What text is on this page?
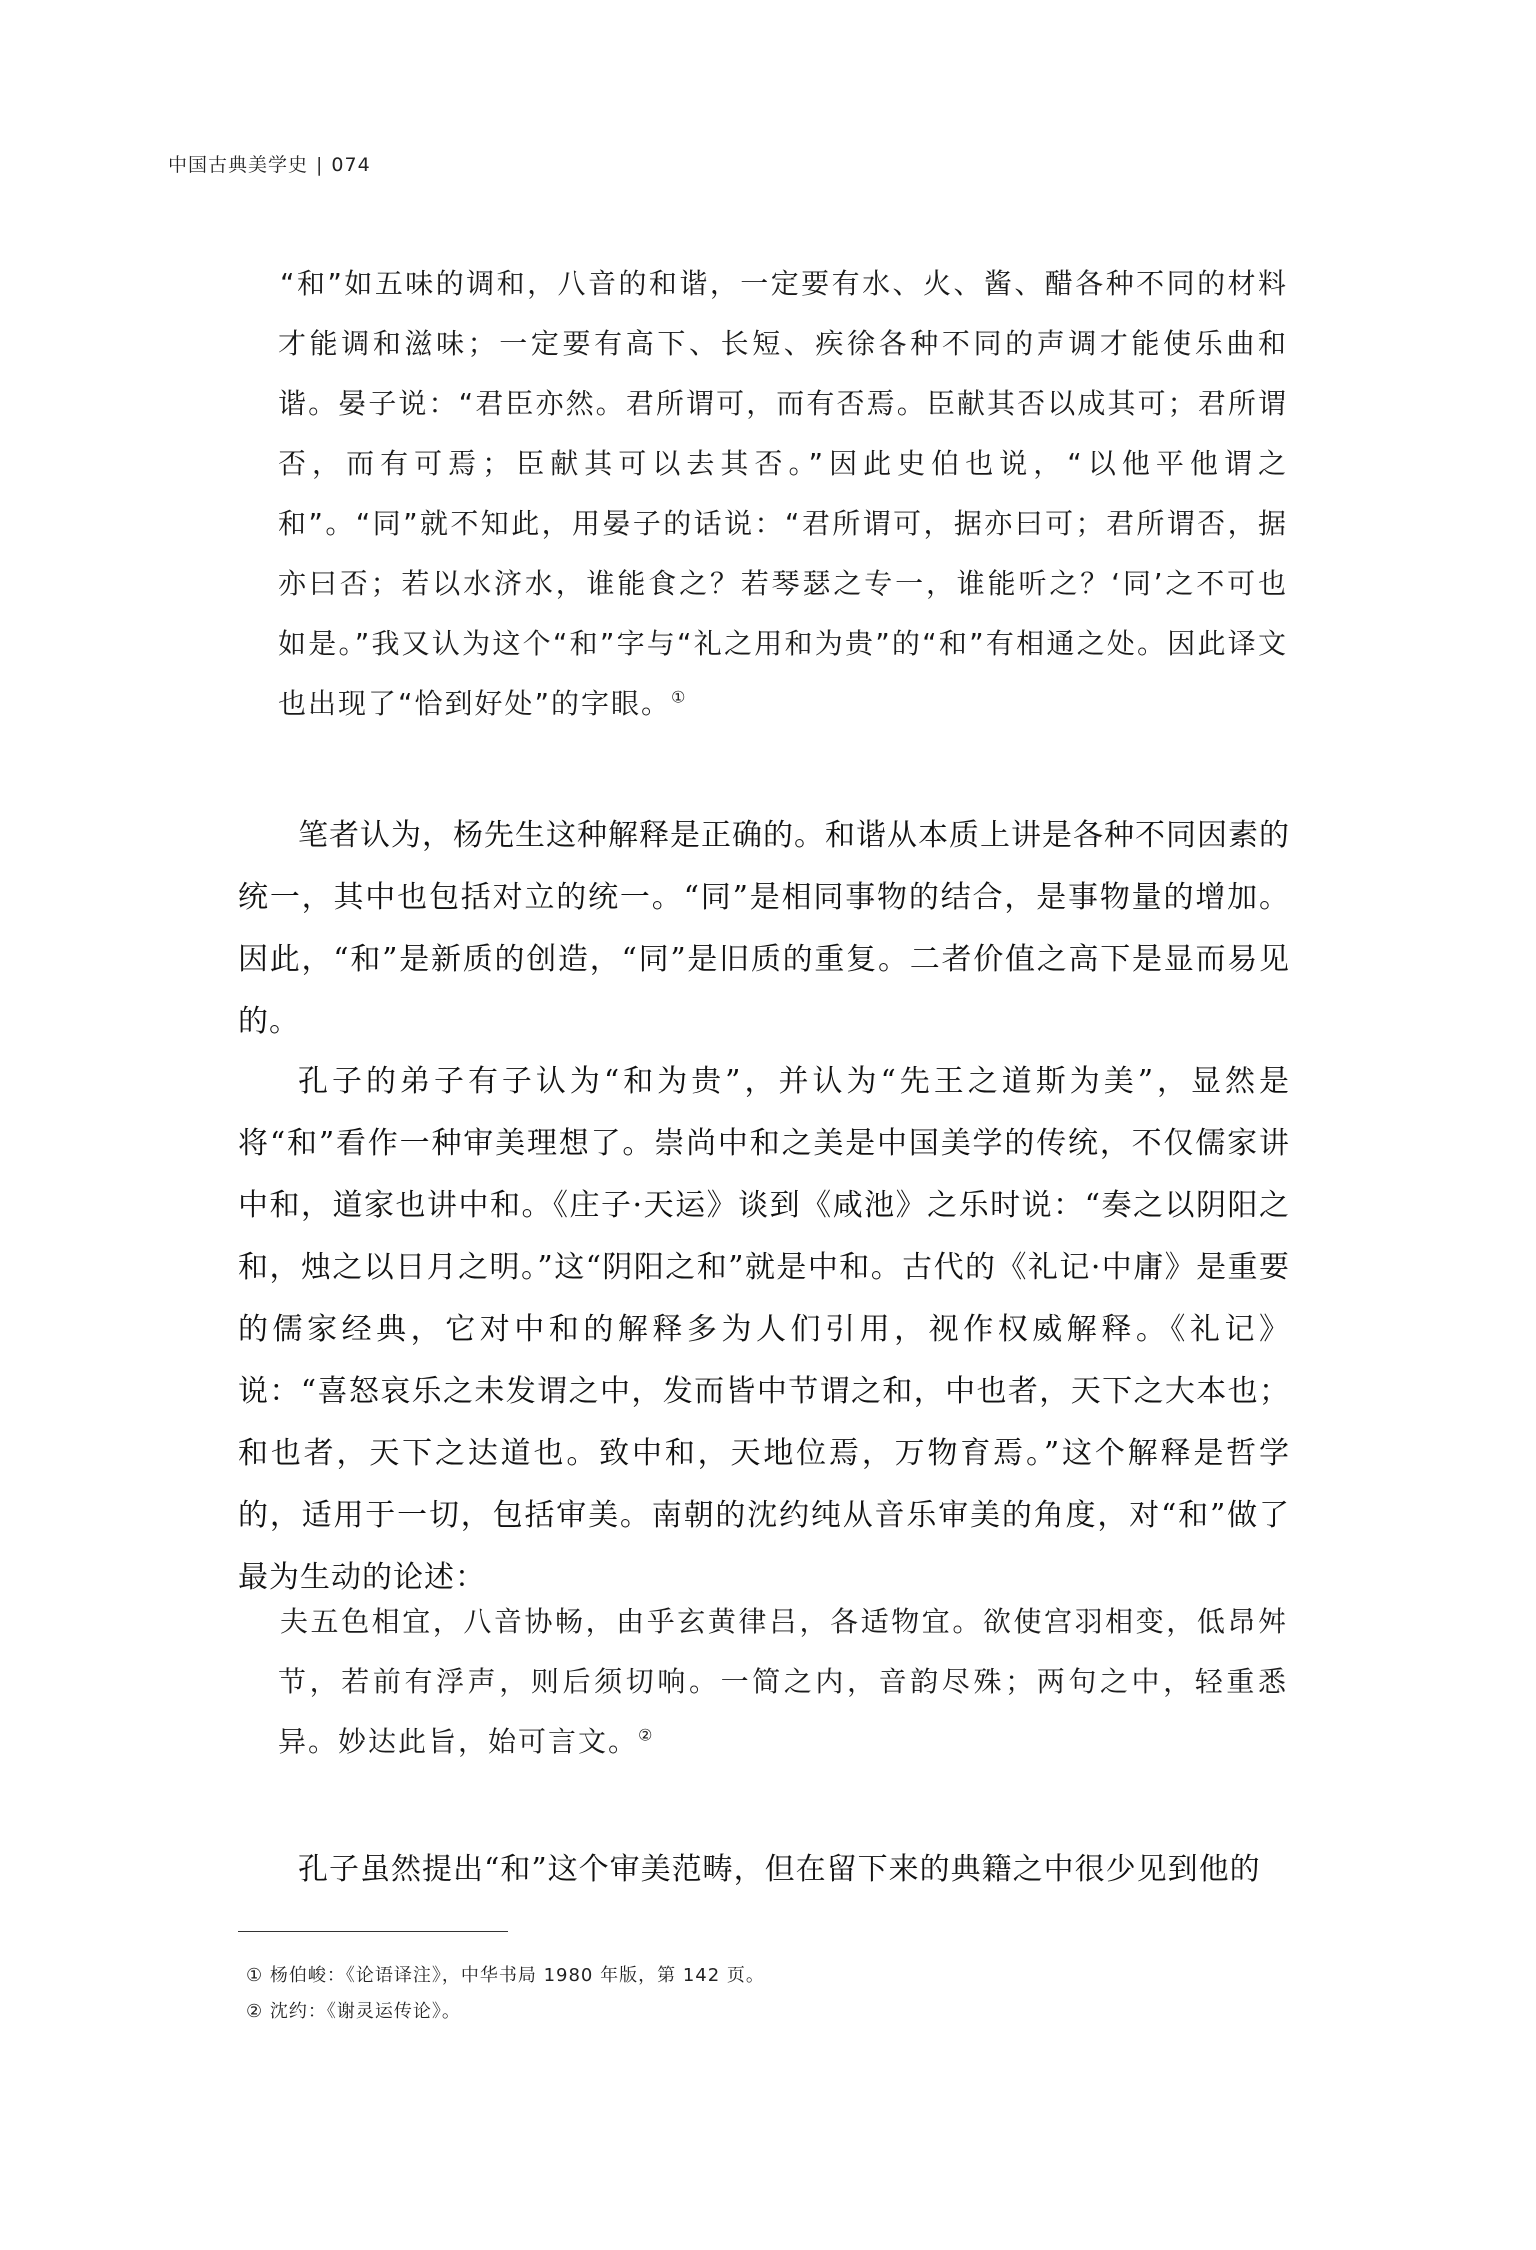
中国古典美学史 | 074

“和”如五味的调和，八音的和谐，一定要有水、火、酱、醋各种不同的材料才能调和滋味；一定要有高下、长短、疾徐各种不同的声调才能使乐曲和谐。晏子说：“君臣亦然。君所谓可，而有否焉。臣献其否以成其可；君所谓否，而有可焉；臣献其可以去其否。”因此史伯也说，“以他平他谓之和”。“同”就不知此，用晏子的话说：“君所谓可，据亦曰可；君所谓否，据亦曰否；若以水济水，谁能食之？若琴瑟之专一，谁能听之？‘同’之不可也如是。”我又认为这个“和”字与“礼之用和为贵”的“和”有相通之处。因此译文也出现了“恰到好处”的字眼。①

笔者认为，杨先生这种解释是正确的。和谐从本质上讲是各种不同因素的统一，其中也包括对立的统一。“同”是相同事物的结合，是事物量的增加。因此，“和”是新质的创造，“同”是旧质的重复。二者价值之高下是显而易见的。

孔子的弟子有子认为“和为贵”，并认为“先王之道斯为美”，显然是将“和”看作一种审美理想了。崇尚中和之美是中国美学的传统，不仅儒家讲中和，道家也讲中和。《庄子·天运》谈到《咸池》之乐时说：“奏之以阴阳之和，烛之以日月之明。”这“阴阳之和”就是中和。古代的《礼记·中庸》是重要的儒家经典，它对中和的解释多为人们引用，视作权威解释。《礼记》说：“喜怒哀乐之未发谓之中，发而皆中节谓之和，中也者，天下之大本也；和也者，天下之达道也。致中和，天地位焉，万物育焉。”这个解释是哲学的，适用于一切，包括审美。南朝的沈约纯从音乐审美的角度，对“和”做了最为生动的论述：

夫五色相宜，八音协畅，由乎玄黄律吕，各适物宜。欲使宫羽相变，低昂舛节，若前有浮声，则后须切响。一简之内，音韵尽殊；两句之中，轻重悉异。妙达此旨，始可言文。②

孔子虽然提出“和”这个审美范畴，但在留下来的典籍之中很少见到他的

① 杨伯峻：《论语译注》，中华书局 1980 年版，第 142 页。

② 沈约：《谢灵运传论》。
